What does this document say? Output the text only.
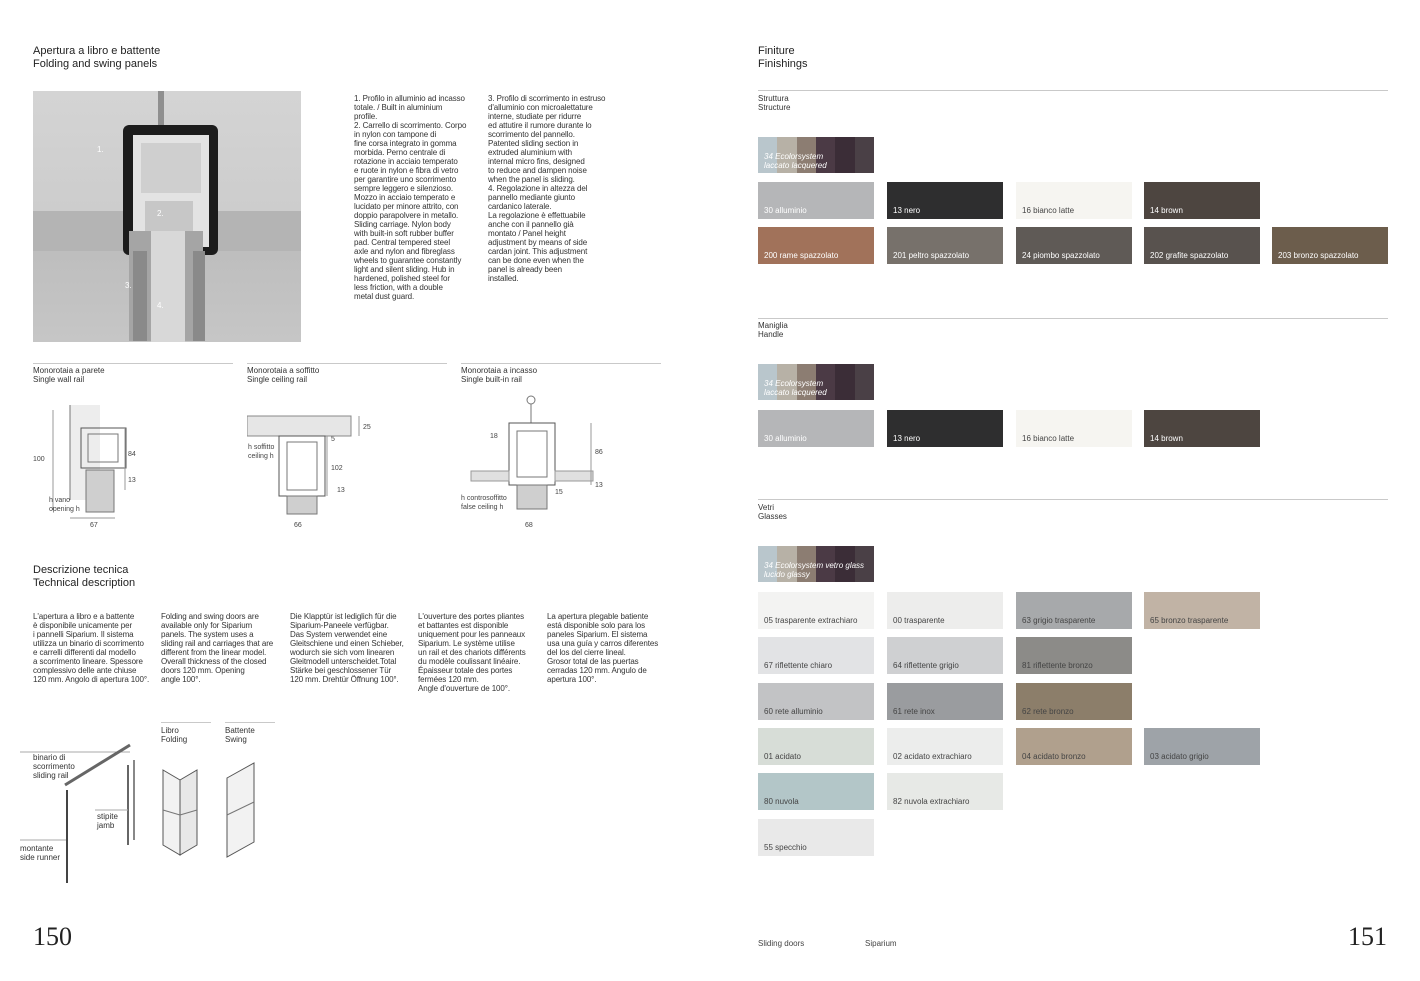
Apertura a libro e battente
Folding and swing panels
1.
2.
3.
4.
1. Profilo in alluminio ad incasso
totale. / Built in aluminium
profile.
2. Carrello di scorrimento. Corpo
in nylon con tampone di
fine corsa integrato in gomma
morbida. Perno centrale di
rotazione in acciaio temperato
e ruote in nylon e fibra di vetro
per garantire uno scorrimento
sempre leggero e silenzioso.
Mozzo in acciaio temperato e
lucidato per minore attrito, con
doppio parapolvere in metallo.
Sliding carriage. Nylon body
with built-in soft rubber buffer
pad. Central tempered steel
axle and nylon and fibreglass
wheels to guarantee constantly
light and silent sliding. Hub in
hardened, polished steel for
less friction, with a double
metal dust guard.
3. Profilo di scorrimento in estruso
d'alluminio con microalettature
interne, studiate per ridurre
ed attutire il rumore durante lo
scorrimento del pannello.
Patented sliding section in
extruded aluminium with
internal micro fins, designed
to reduce and dampen noise
when the panel is sliding.
4. Regolazione in altezza del
pannello mediante giunto
cardanico laterale.
La regolazione è effettuabile
anche con il pannello già
montato / Panel height
adjustment by means of side
cardan joint. This adjustment
can be done even when the
panel is already been
installed.
Monorotaia a parete
Single wall rail
Monorotaia a soffitto
Single ceiling rail
Monorotaia a incasso
Single built-in rail
100
84
13
67
h vano
opening h
25
5
102
13
66
h soffitto
ceiling h
18
86
13
15
68
h controsoffitto
false ceiling h
Descrizione tecnica
Technical description
L'apertura a libro e a battente
è disponibile unicamente per
i pannelli Siparium. Il sistema
utilizza un binario di scorrimento
e carrelli differenti dal modello
a scorrimento lineare. Spessore
complessivo delle ante chiuse
120 mm. Angolo di apertura 100°.
Folding and swing doors are
available only for Siparium
panels. The system uses a
sliding rail and carriages that are
different from the linear model.
Overall thickness of the closed
doors 120 mm. Opening
angle 100°.
Die Klapptür ist lediglich für die
Siparium-Paneele verfügbar.
Das System verwendet eine
Gleitschiene und einen Schieber,
wodurch sie sich vom linearen
Gleitmodell unterscheidet.Total
Stärke bei geschlossener Tür
120 mm. Drehtür Öffnung 100°.
L'ouverture des portes pliantes
et battantes est disponible
uniquement pour les panneaux
Siparium. Le système utilise
un rail et des chariots différents
du modèle coulissant linéaire.
Épaisseur totale des portes
fermées 120 mm.
Angle d'ouverture de 100°.
La apertura plegable batiente
está disponible solo para los
paneles Siparium. El sistema
usa una guía y carros diferentes
del los del cierre lineal.
Grosor total de las puertas
cerradas 120 mm. Angulo de
apertura 100°.
binario di
scorrimento
sliding rail
stipite
jamb
montante
side runner
Libro
Folding
Battente
Swing
150
Finiture
Finishings
Struttura
Structure
34 Ecolorsystem
laccato lacquered
30 alluminio	13 nero	16 bianco latte	14 brown
200 rame spazzolato	201 peltro spazzolato	24 piombo spazzolato	202 grafite spazzolato	203 bronzo spazzolato
Maniglia
Handle
34 Ecolorsystem
laccato lacquered
30 alluminio	13 nero	16 bianco latte	14 brown
Vetri
Glasses
34 Ecolorsystem vetro glass
lucido glassy
05 trasparente extrachiaro	00 trasparente	63 grigio trasparente	65 bronzo trasparente
67 riflettente chiaro	64 riflettente grigio	81 riflettente bronzo
60 rete alluminio	61 rete inox	62 rete bronzo
01 acidato	02 acidato extrachiaro	04 acidato bronzo	03 acidato grigio
80 nuvola	82 nuvola extrachiaro
55 specchio
Sliding doors	Siparium	151
